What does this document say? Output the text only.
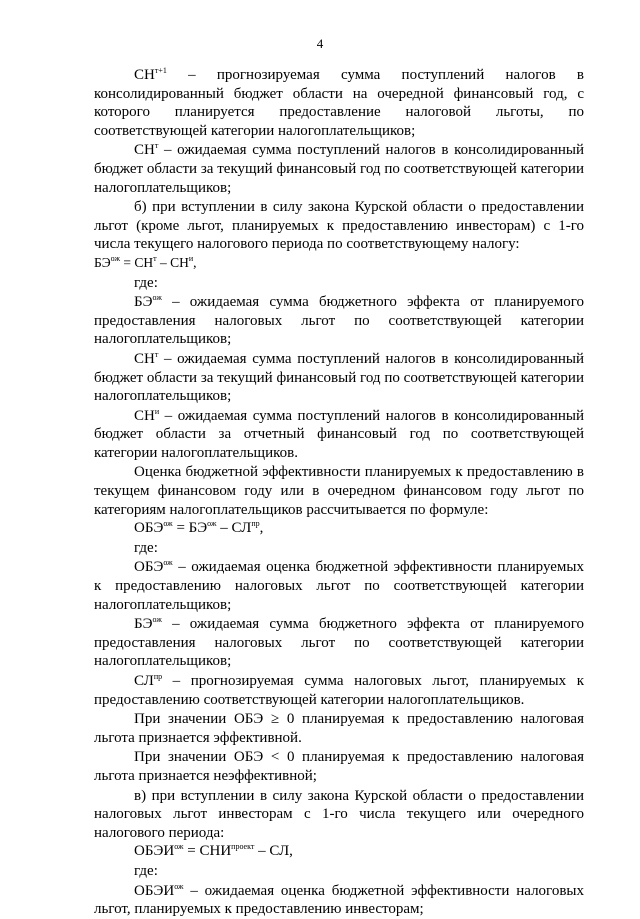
4

$СН^{т+1}$ – прогнозируемая сумма поступлений налогов в консолидированный бюджет области на очередной финансовый год, с которого планируется предоставление налоговой льготы, по соответствующей категории налогоплательщиков;

$СН^т$ – ожидаемая сумма поступлений налогов в консолидированный бюджет области за текущий финансовый год по соответствующей категории налогоплательщиков;

б) при вступлении в силу закона Курской области о предоставлении льгот (кроме льгот, планируемых к предоставлению инвесторам) с 1-го числа текущего налогового периода по соответствующему налогу:

$БЭ^{ож} = СН^т - СН^и$,

где:

$БЭ^{ож}$ – ожидаемая сумма бюджетного эффекта от планируемого предоставления налоговых льгот по соответствующей категории налогоплательщиков;

$СН^т$ – ожидаемая сумма поступлений налогов в консолидированный бюджет области за текущий финансовый год по соответствующей категории налогоплательщиков;

$СН^и$ – ожидаемая сумма поступлений налогов в консолидированный бюджет области за отчетный финансовый год по соответствующей категории налогоплательщиков.

Оценка бюджетной эффективности планируемых к предоставлению в текущем финансовом году или в очередном финансовом году льгот по категориям налогоплательщиков рассчитывается по формуле:

$ОБЭ^{ож} = БЭ^{ож} - СЛ^{пр}$,

где:

$ОБЭ^{ож}$ – ожидаемая оценка бюджетной эффективности планируемых к предоставлению налоговых льгот по соответствующей категории налогоплательщиков;

$БЭ^{ож}$ – ожидаемая сумма бюджетного эффекта от планируемого предоставления налоговых льгот по соответствующей категории налогоплательщиков;

$СЛ^{пр}$ – прогнозируемая сумма налоговых льгот, планируемых к предоставлению соответствующей категории налогоплательщиков.

При значении ОБЭ ≥ 0 планируемая к предоставлению налоговая льгота признается эффективной.

При значении ОБЭ < 0 планируемая к предоставлению налоговая льгота признается неэффективной;

в) при вступлении в силу закона Курской области о предоставлении налоговых льгот инвесторам с 1-го числа текущего или очередного налогового периода:

$ОБЭИ^{ож} = СНИ^{проект}$ – СЛ,

где:

$ОБЭИ^{ож}$ – ожидаемая оценка бюджетной эффективности налоговых льгот, планируемых к предоставлению инвесторам;
